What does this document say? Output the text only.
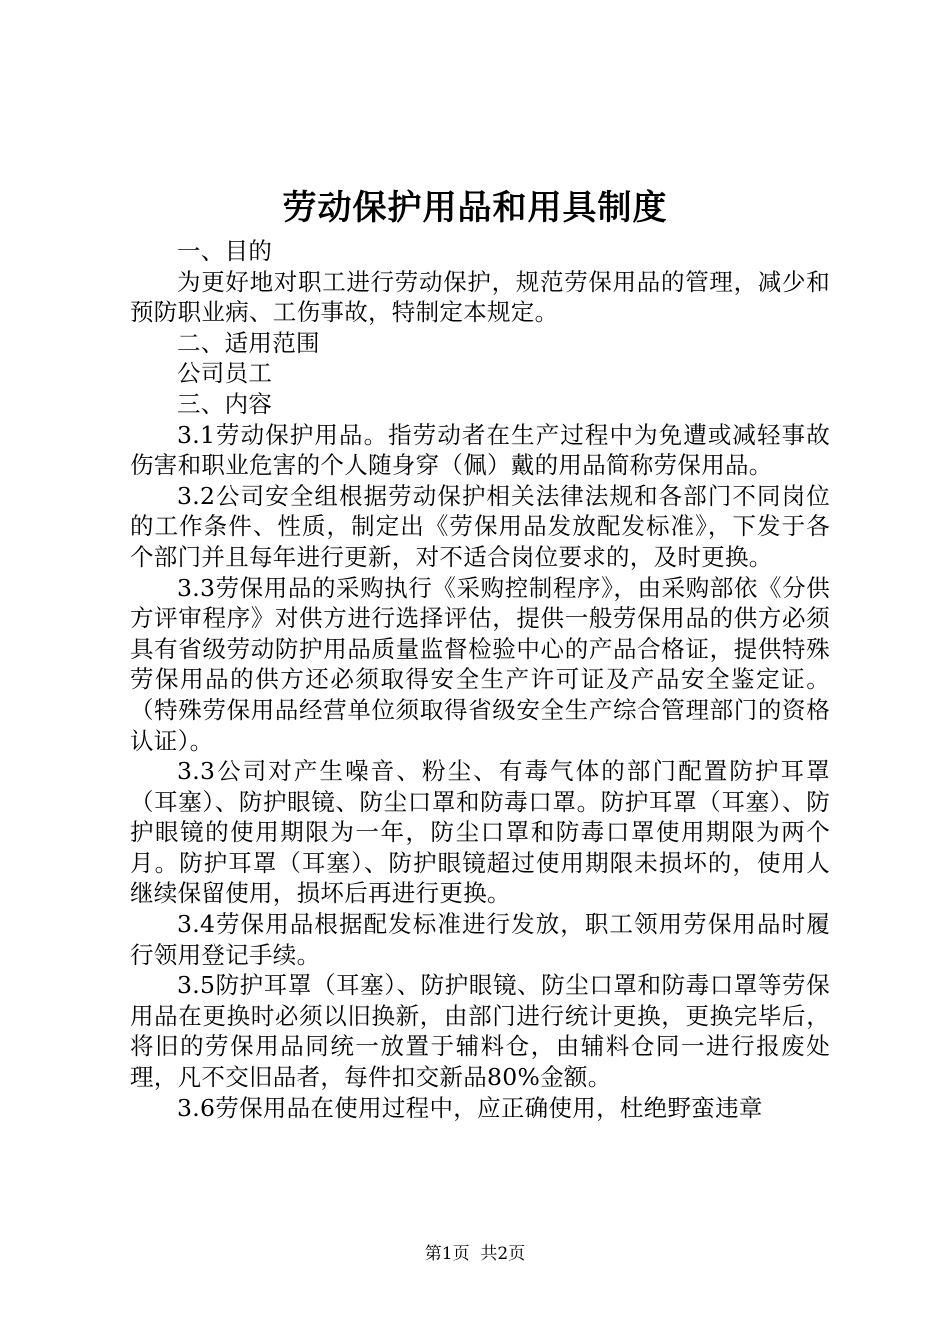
劳动保护用品和用具制度

一、目的

为更好地对职工进行劳动保护，规范劳保用品的管理，减少和预防职业病、工伤事故，特制定本规定。

二、适用范围

公司员工

三、内容

3.1劳动保护用品。指劳动者在生产过程中为免遭或减轻事故伤害和职业危害的个人随身穿（佩）戴的用品简称劳保用品。

3.2公司安全组根据劳动保护相关法律法规和各部门不同岗位的工作条件、性质，制定出《劳保用品发放配发标准》，下发于各个部门并且每年进行更新，对不适合岗位要求的，及时更换。

3.3劳保用品的采购执行《采购控制程序》，由采购部依《分供方评审程序》对供方进行选择评估，提供一般劳保用品的供方必须具有省级劳动防护用品质量监督检验中心的产品合格证，提供特殊劳保用品的供方还必须取得安全生产许可证及产品安全鉴定证。（特殊劳保用品经营单位须取得省级安全生产综合管理部门的资格认证）。

3.3公司对产生噪音、粉尘、有毒气体的部门配置防护耳罩（耳塞）、防护眼镜、防尘口罩和防毒口罩。防护耳罩（耳塞）、防护眼镜的使用期限为一年，防尘口罩和防毒口罩使用期限为两个月。防护耳罩（耳塞）、防护眼镜超过使用期限未损坏的，使用人继续保留使用，损坏后再进行更换。

3.4劳保用品根据配发标准进行发放，职工领用劳保用品时履行领用登记手续。

3.5防护耳罩（耳塞）、防护眼镜、防尘口罩和防毒口罩等劳保用品在更换时必须以旧换新，由部门进行统计更换，更换完毕后，将旧的劳保用品同统一放置于辅料仓，由辅料仓同一进行报废处理，凡不交旧品者，每件扣交新品80%金额。

3.6劳保用品在使用过程中，应正确使用，杜绝野蛮违章

第1页 共2页
